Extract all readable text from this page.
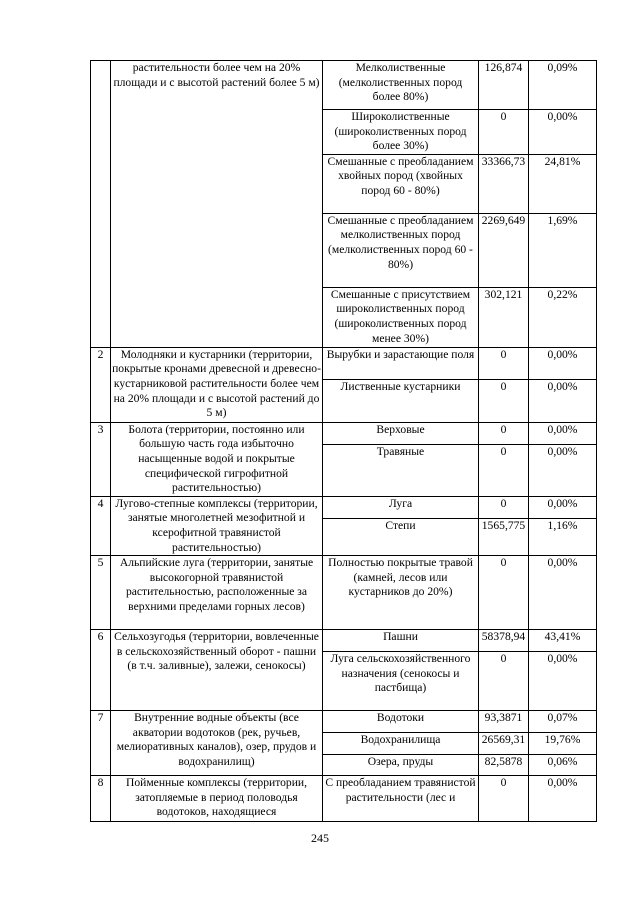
	растительности более чем на 20% площади и с высотой растений более 5 м)	Мелколиственные (мелколиственных пород более 80%)	126,874	0,09%
		Широколиственные (широколиственных пород более 30%)	0	0,00%
		Смешанные с преобладанием хвойных пород (хвойных пород 60 - 80%)	33366,73	24,81%
		Смешанные с преобладанием мелколиственных пород (мелколиственных пород 60 - 80%)	2269,649	1,69%
		Смешанные с присутствием широколиственных пород (широколиственных пород менее 30%)	302,121	0,22%
2	Молодняки и кустарники (территории, покрытые кронами древесной и древесно-кустарниковой растительности более чем на 20% площади и с высотой растений до 5 м)	Вырубки и зарастающие поля	0	0,00%
		Лиственные кустарники	0	0,00%
3	Болота (территории, постоянно или большую часть года избыточно насыщенные водой и покрытые специфической гигрофитной растительностью)	Верховые	0	0,00%
		Травяные	0	0,00%
4	Лугово-степные комплексы (территории, занятые многолетней мезофитной и ксерофитной травянистой растительностью)	Луга	0	0,00%
		Степи	1565,775	1,16%
5	Альпийские луга (территории, занятые высокогорной травянистой растительностью, расположенные за верхними пределами горных лесов)	Полностью покрытые травой (камней, лесов или кустарников до 20%)	0	0,00%
6	Сельхозугодья (территории, вовлеченные в сельскохозяйственный оборот - пашни (в т.ч. заливные), залежи, сенокосы)	Пашни	58378,94	43,41%
		Луга сельскохозяйственного назначения (сенокосы и пастбища)	0	0,00%
7	Внутренние водные объекты (все акватории водотоков (рек, ручьев, мелиоративных каналов), озер, прудов и водохранилищ)	Водотоки	93,3871	0,07%
		Водохранилища	26569,31	19,76%
		Озера, пруды	82,5878	0,06%
8	Пойменные комплексы (территории, затопляемые в период половодья водотоков, находящиеся	С преобладанием травянистой растительности (лес и	0	0,00%
245
